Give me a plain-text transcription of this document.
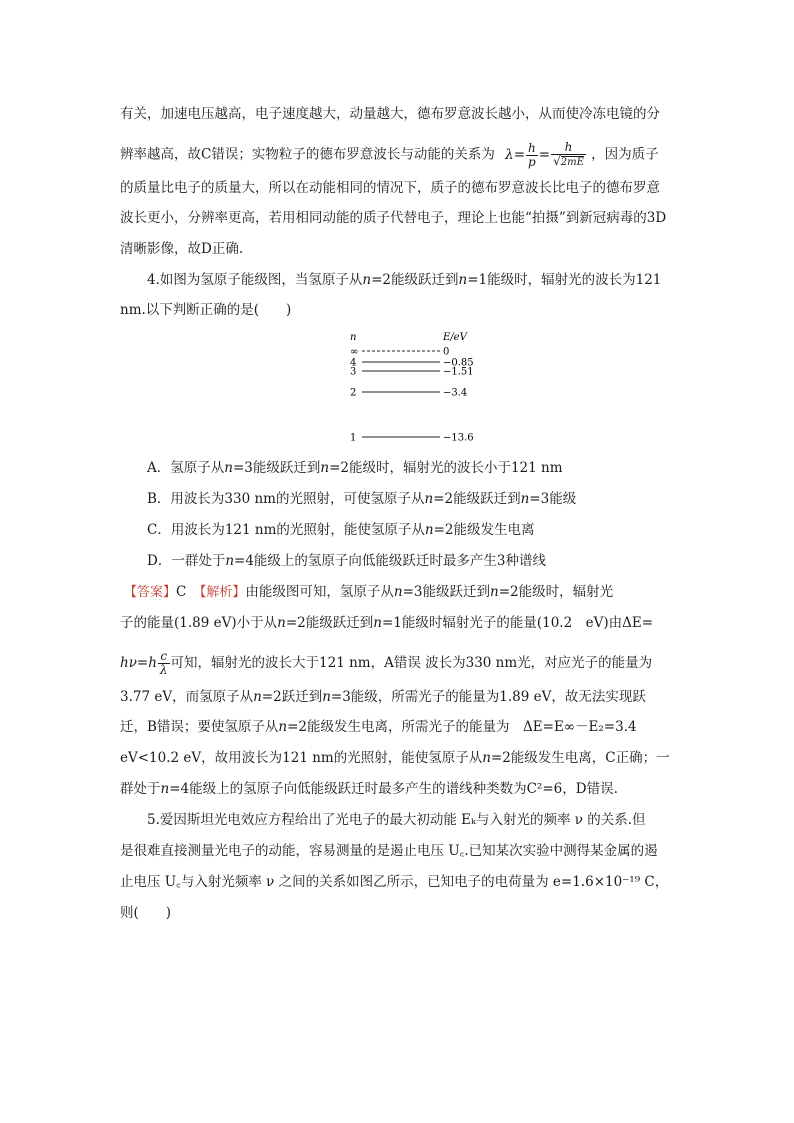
有关，加速电压越高，电子速度越大，动量越大，德布罗意波长越小，从而使冷冻电镜的分
辨率越高，故C错误；实物粒子的德布罗意波长与动能的关系为 $\lambda= \frac{h}{p} = \frac{h}{√2mE}$ ，因为质子
的质量比电子的质量大，所以在动能相同的情况下，质子的德布罗意波长比电子的德布罗意
波长更小，分辨率更高，若用相同动能的质子代替电子，理论上也能“拍摄”到新冠病毒的3D
清晰影像，故D正确.
4.如图为氢原子能级图，当氢原子从n=2能级跃迁到n=1能级时，辐射光的波长为121
nm.以下判断正确的是(　　)
n	E/eV
∞	0
4	−0.85
3	−1.51
2	−3.4
1	−13.6
A．氢原子从n=3能级跃迁到n=2能级时，辐射光的波长小于121 nm
B．用波长为330 nm的光照射，可使氢原子从n=2能级跃迁到n=3能级
C．用波长为121 nm的光照射，能使氢原子从n=2能级发生电离
D．一群处于n=4能级上的氢原子向低能级跃迁时最多产生3种谱线
【答案】C　【解析】由能级图可知，氢原子从n=3能级跃迁到n=2能级时，辐射光
子的能量(1.89 eV)小于从n=2能级跃迁到n=1能级时辐射光子的能量(10.2　eV)由ΔE=
$h\nu=h \frac{c}{\lambda}$ 可知，辐射光的波长大于121 nm，A错误 波长为330 nm光，对应光子的能量为
3.77 eV，而氢原子从n=2跃迁到n=3能级，所需光子的能量为1.89 eV，故无法实现跃
迁，B错误；要使氢原子从n=2能级发生电离，所需光子的能量为　ΔE=E∞－E₂=3.4
eV<10.2 eV，故用波长为121 nm的光照射，能使氢原子从n=2能级发生电离，C正确；一
群处于n=4能级上的氢原子向低能级跃迁时最多产生的谱线种类数为C²=6，D错误.
5.爱因斯坦光电效应方程给出了光电子的最大初动能 Eₖ与入射光的频率 ν 的关系.但
是很难直接测量光电子的动能，容易测量的是遏止电压 U꜀.已知某次实验中测得某金属的遏
止电压 U꜀与入射光频率 ν 之间的关系如图乙所示，已知电子的电荷量为 e=1.6×10⁻¹⁹ C，
则(　　)
